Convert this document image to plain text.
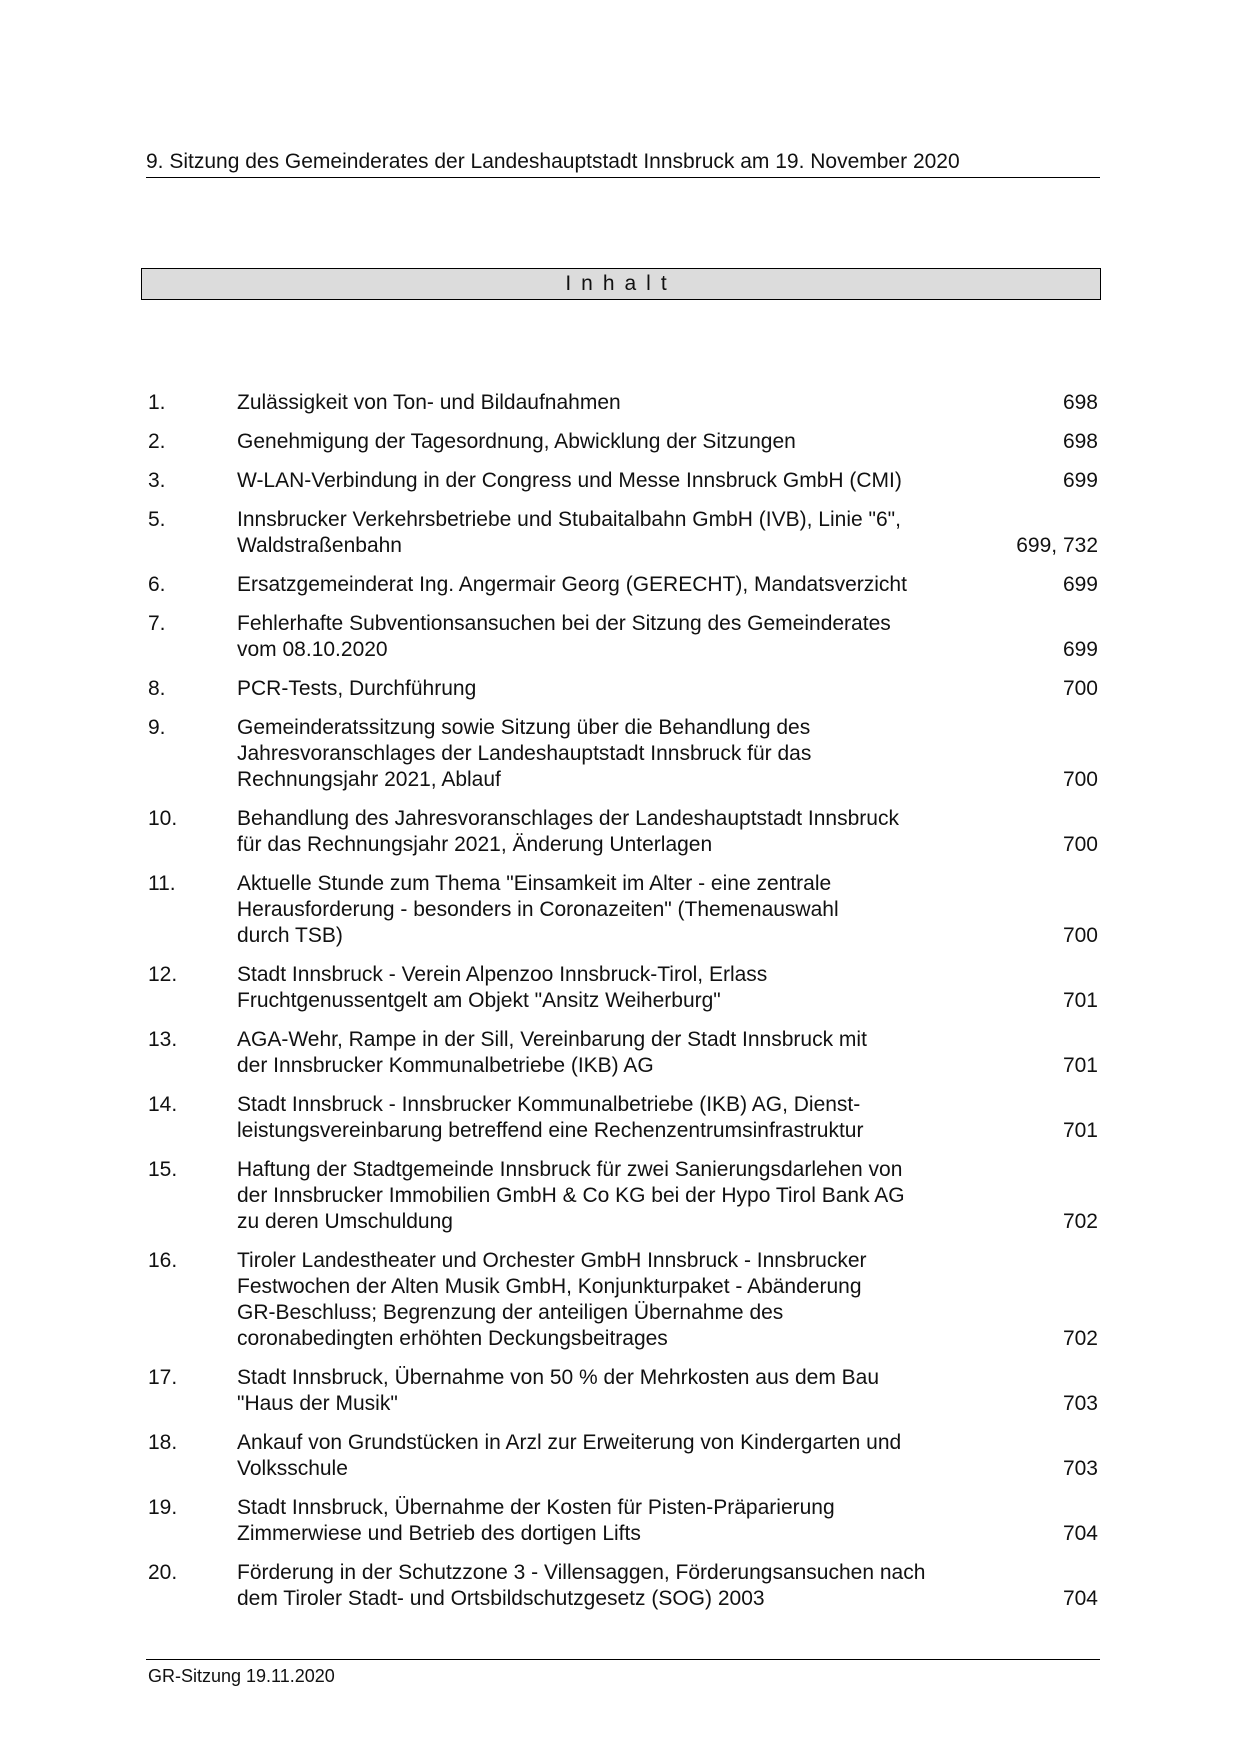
9. Sitzung des Gemeinderates der Landeshauptstadt Innsbruck am 19. November 2020
Inhalt
1.	Zulässigkeit von Ton- und Bildaufnahmen	698
2.	Genehmigung der Tagesordnung, Abwicklung der Sitzungen	698
3.	W-LAN-Verbindung in der Congress und Messe Innsbruck GmbH (CMI)	699
5.	Innsbrucker Verkehrsbetriebe und Stubaitalbahn GmbH (IVB), Linie "6",
Waldstraßenbahn	699, 732
6.	Ersatzgemeinderat Ing. Angermair Georg (GERECHT), Mandatsverzicht	699
7.	Fehlerhafte Subventionsansuchen bei der Sitzung des Gemeinderates
vom 08.10.2020	699
8.	PCR-Tests, Durchführung	700
9.	Gemeinderatssitzung sowie Sitzung über die Behandlung des
Jahresvoranschlages der Landeshauptstadt Innsbruck für das
Rechnungsjahr 2021, Ablauf	700
10.	Behandlung des Jahresvoranschlages der Landeshauptstadt Innsbruck
für das Rechnungsjahr 2021, Änderung Unterlagen	700
11.	Aktuelle Stunde zum Thema "Einsamkeit im Alter - eine zentrale
Herausforderung - besonders in Coronazeiten" (Themenauswahl
durch TSB)	700
12.	Stadt Innsbruck - Verein Alpenzoo Innsbruck-Tirol, Erlass
Fruchtgenussentgelt am Objekt "Ansitz Weiherburg"	701
13.	AGA-Wehr, Rampe in der Sill, Vereinbarung der Stadt Innsbruck mit
der Innsbrucker Kommunalbetriebe (IKB) AG	701
14.	Stadt Innsbruck - Innsbrucker Kommunalbetriebe (IKB) AG, Dienst-
leistungsvereinbarung betreffend eine Rechenzentrumsinfrastruktur	701
15.	Haftung der Stadtgemeinde Innsbruck für zwei Sanierungsdarlehen von
der Innsbrucker Immobilien GmbH & Co KG bei der Hypo Tirol Bank AG
zu deren Umschuldung	702
16.	Tiroler Landestheater und Orchester GmbH Innsbruck - Innsbrucker
Festwochen der Alten Musik GmbH, Konjunkturpaket - Abänderung
GR-Beschluss; Begrenzung der anteiligen Übernahme des
coronabedingten erhöhten Deckungsbeitrages	702
17.	Stadt Innsbruck, Übernahme von 50 % der Mehrkosten aus dem Bau
"Haus der Musik"	703
18.	Ankauf von Grundstücken in Arzl zur Erweiterung von Kindergarten und
Volksschule	703
19.	Stadt Innsbruck, Übernahme der Kosten für Pisten-Präparierung
Zimmerwiese und Betrieb des dortigen Lifts	704
20.	Förderung in der Schutzzone 3 - Villensaggen, Förderungsansuchen nach
dem Tiroler Stadt- und Ortsbildschutzgesetz (SOG) 2003	704
GR-Sitzung 19.11.2020
